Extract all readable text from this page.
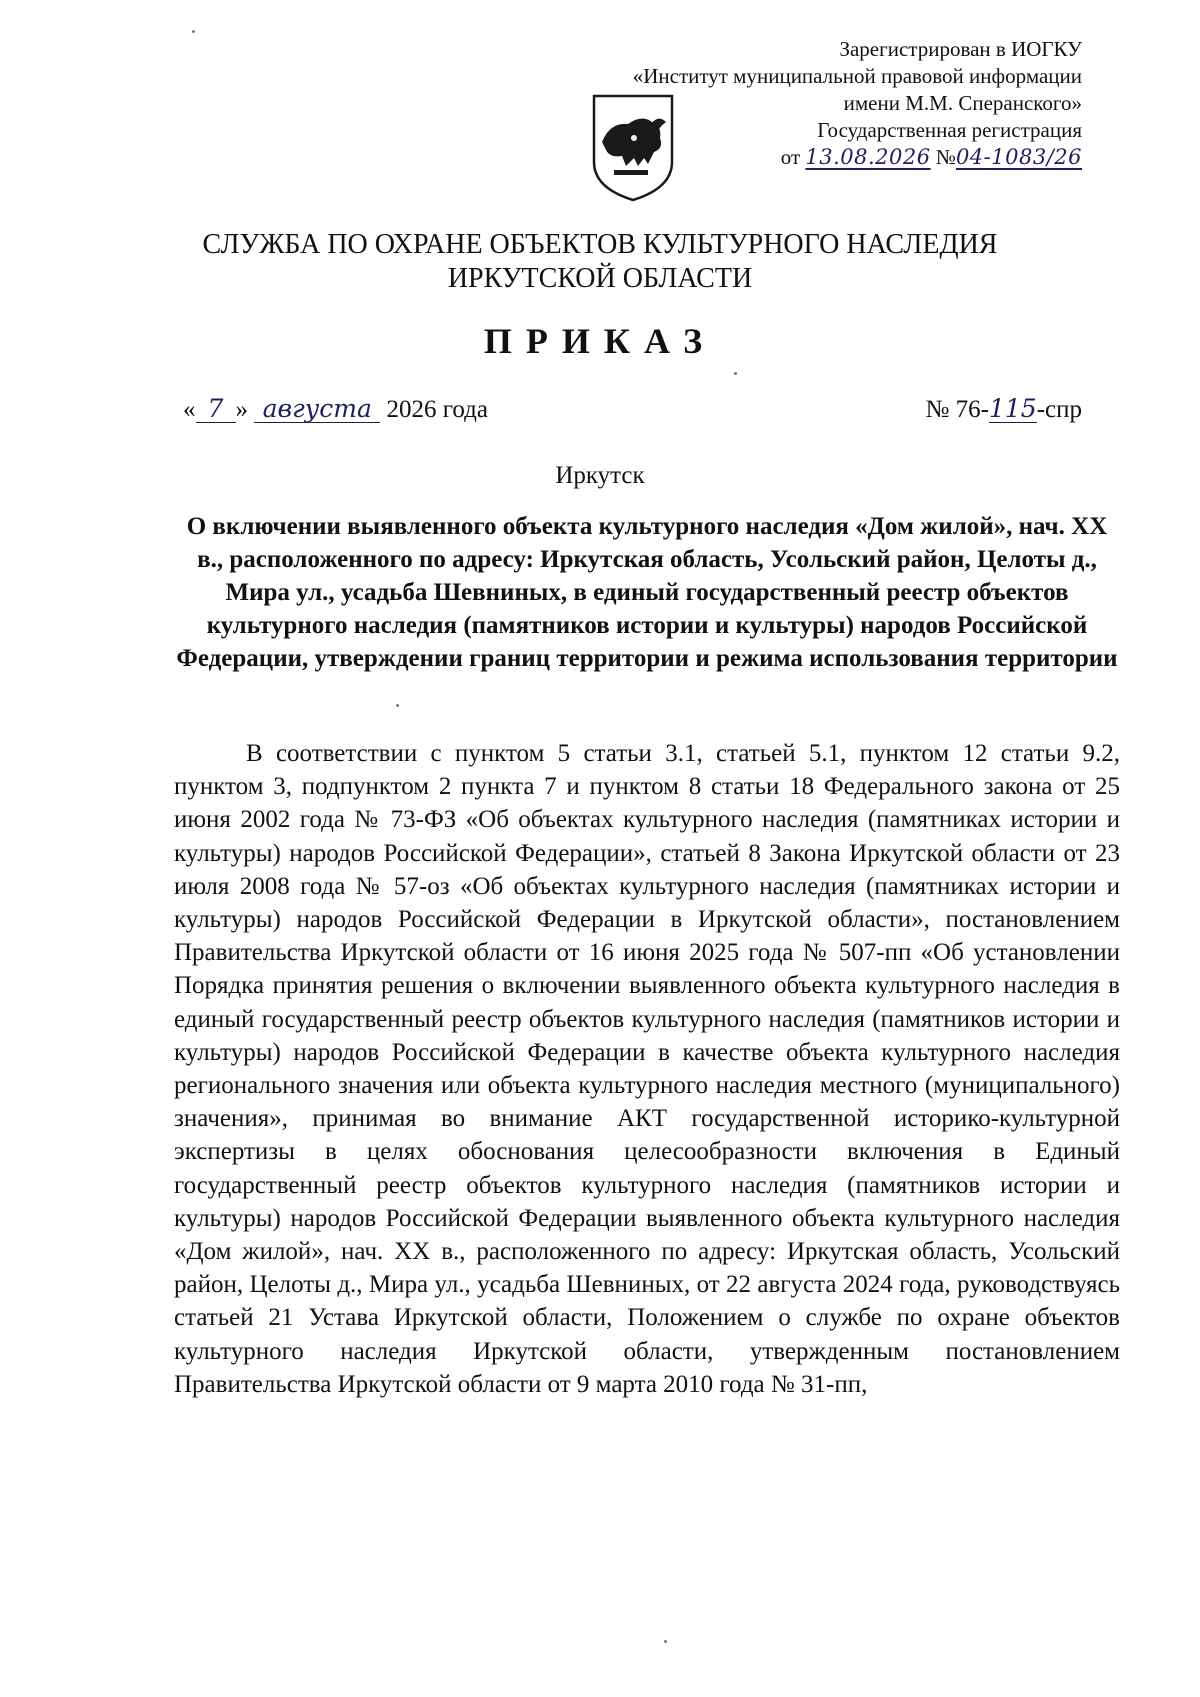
Зарегистрирован в ИОГКУ
«Институт муниципальной правовой информации
имени М.М. Сперанского»
Государственная регистрация
от 13.08.2026 №04-1083/26
СЛУЖБА ПО ОХРАНЕ ОБЪЕКТОВ КУЛЬТУРНОГО НАСЛЕДИЯ
ИРКУТСКОЙ ОБЛАСТИ
ПРИКАЗ
« 7 » августа 2026 года	№ 76-115-спр
Иркутск
О включении выявленного объекта культурного наследия «Дом жилой», нач. XX в., расположенного по адресу: Иркутская область, Усольский район, Целоты д., Мира ул., усадьба Шевниных, в единый государственный реестр объектов культурного наследия (памятников истории и культуры) народов Российской Федерации, утверждении границ территории и режима использования территории

В соответствии с пунктом 5 статьи 3.1, статьей 5.1, пунктом 12 статьи 9.2, пунктом 3, подпунктом 2 пункта 7 и пунктом 8 статьи 18 Федерального закона от 25 июня 2002 года № 73-ФЗ «Об объектах культурного наследия (памятниках истории и культуры) народов Российской Федерации», статьей 8 Закона Иркутской области от 23 июля 2008 года № 57-оз «Об объектах культурного наследия (памятниках истории и культуры) народов Российской Федерации в Иркутской области», постановлением Правительства Иркутской области от 16 июня 2025 года № 507-пп «Об установлении Порядка принятия решения о включении выявленного объекта культурного наследия в единый государственный реестр объектов культурного наследия (памятников истории и культуры) народов Российской Федерации в качестве объекта культурного наследия регионального значения или объекта культурного наследия местного (муниципального) значения», принимая во внимание АКТ государственной историко-культурной экспертизы в целях обоснования целесообразности включения в Единый государственный реестр объектов культурного наследия (памятников истории и культуры) народов Российской Федерации выявленного объекта культурного наследия «Дом жилой», нач. XX в., расположенного по адресу: Иркутская область, Усольский район, Целоты д., Мира ул., усадьба Шевниных, от 22 августа 2024 года, руководствуясь статьей 21 Устава Иркутской области, Положением о службе по охране объектов культурного наследия Иркутской области, утвержденным постановлением Правительства Иркутской области от 9 марта 2010 года № 31-пп,
